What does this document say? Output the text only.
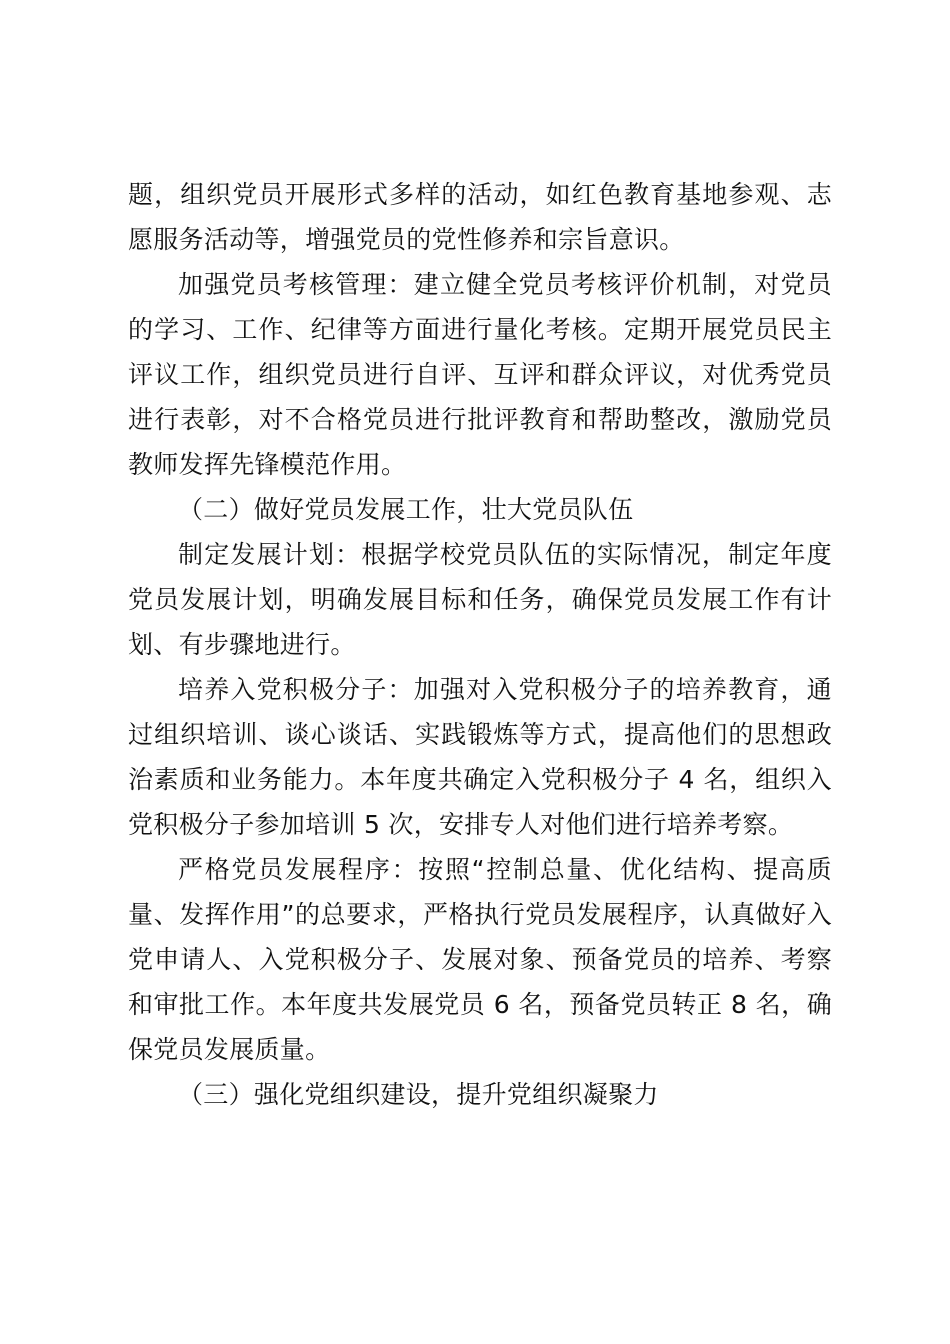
题，组织党员开展形式多样的活动，如红色教育基地参观、志愿服务活动等，增强党员的党性修养和宗旨意识。

加强党员考核管理：建立健全党员考核评价机制，对党员的学习、工作、纪律等方面进行量化考核。定期开展党员民主评议工作，组织党员进行自评、互评和群众评议，对优秀党员进行表彰，对不合格党员进行批评教育和帮助整改，激励党员教师发挥先锋模范作用。

（二）做好党员发展工作，壮大党员队伍

制定发展计划：根据学校党员队伍的实际情况，制定年度党员发展计划，明确发展目标和任务，确保党员发展工作有计划、有步骤地进行。

培养入党积极分子：加强对入党积极分子的培养教育，通过组织培训、谈心谈话、实践锻炼等方式，提高他们的思想政治素质和业务能力。本年度共确定入党积极分子 4 名，组织入党积极分子参加培训 5 次，安排专人对他们进行培养考察。

严格党员发展程序：按照“控制总量、优化结构、提高质量、发挥作用”的总要求，严格执行党员发展程序，认真做好入党申请人、入党积极分子、发展对象、预备党员的培养、考察和审批工作。本年度共发展党员 6 名，预备党员转正 8 名，确保党员发展质量。

（三）强化党组织建设，提升党组织凝聚力
